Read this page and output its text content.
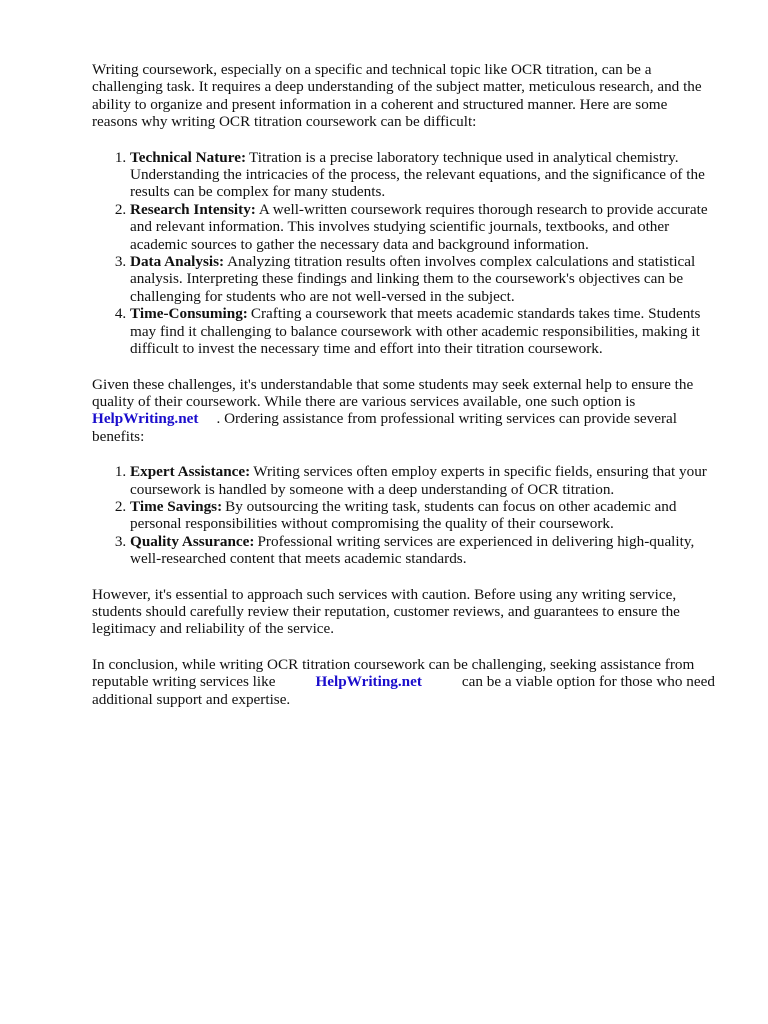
Writing coursework, especially on a specific and technical topic like OCR titration, can be a challenging task. It requires a deep understanding of the subject matter, meticulous research, and the ability to organize and present information in a coherent and structured manner. Here are some reasons why writing OCR titration coursework can be difficult:

1. Technical Nature: Titration is a precise laboratory technique used in analytical chemistry. Understanding the intricacies of the process, the relevant equations, and the significance of the results can be complex for many students.
2. Research Intensity: A well-written coursework requires thorough research to provide accurate and relevant information. This involves studying scientific journals, textbooks, and other academic sources to gather the necessary data and background information.
3. Data Analysis: Analyzing titration results often involves complex calculations and statistical analysis. Interpreting these findings and linking them to the coursework's objectives can be challenging for students who are not well-versed in the subject.
4. Time-Consuming: Crafting a coursework that meets academic standards takes time. Students may find it challenging to balance coursework with other academic responsibilities, making it difficult to invest the necessary time and effort into their titration coursework.

Given these challenges, it's understandable that some students may seek external help to ensure the quality of their coursework. While there are various services available, one such option is HelpWriting.net . Ordering assistance from professional writing services can provide several benefits:

1. Expert Assistance: Writing services often employ experts in specific fields, ensuring that your coursework is handled by someone with a deep understanding of OCR titration.
2. Time Savings: By outsourcing the writing task, students can focus on other academic and personal responsibilities without compromising the quality of their coursework.
3. Quality Assurance: Professional writing services are experienced in delivering high-quality, well-researched content that meets academic standards.

However, it's essential to approach such services with caution. Before using any writing service, students should carefully review their reputation, customer reviews, and guarantees to ensure the legitimacy and reliability of the service.

In conclusion, while writing OCR titration coursework can be challenging, seeking assistance from reputable writing services like	HelpWriting.net	can be a viable option for those who need additional support and expertise.
